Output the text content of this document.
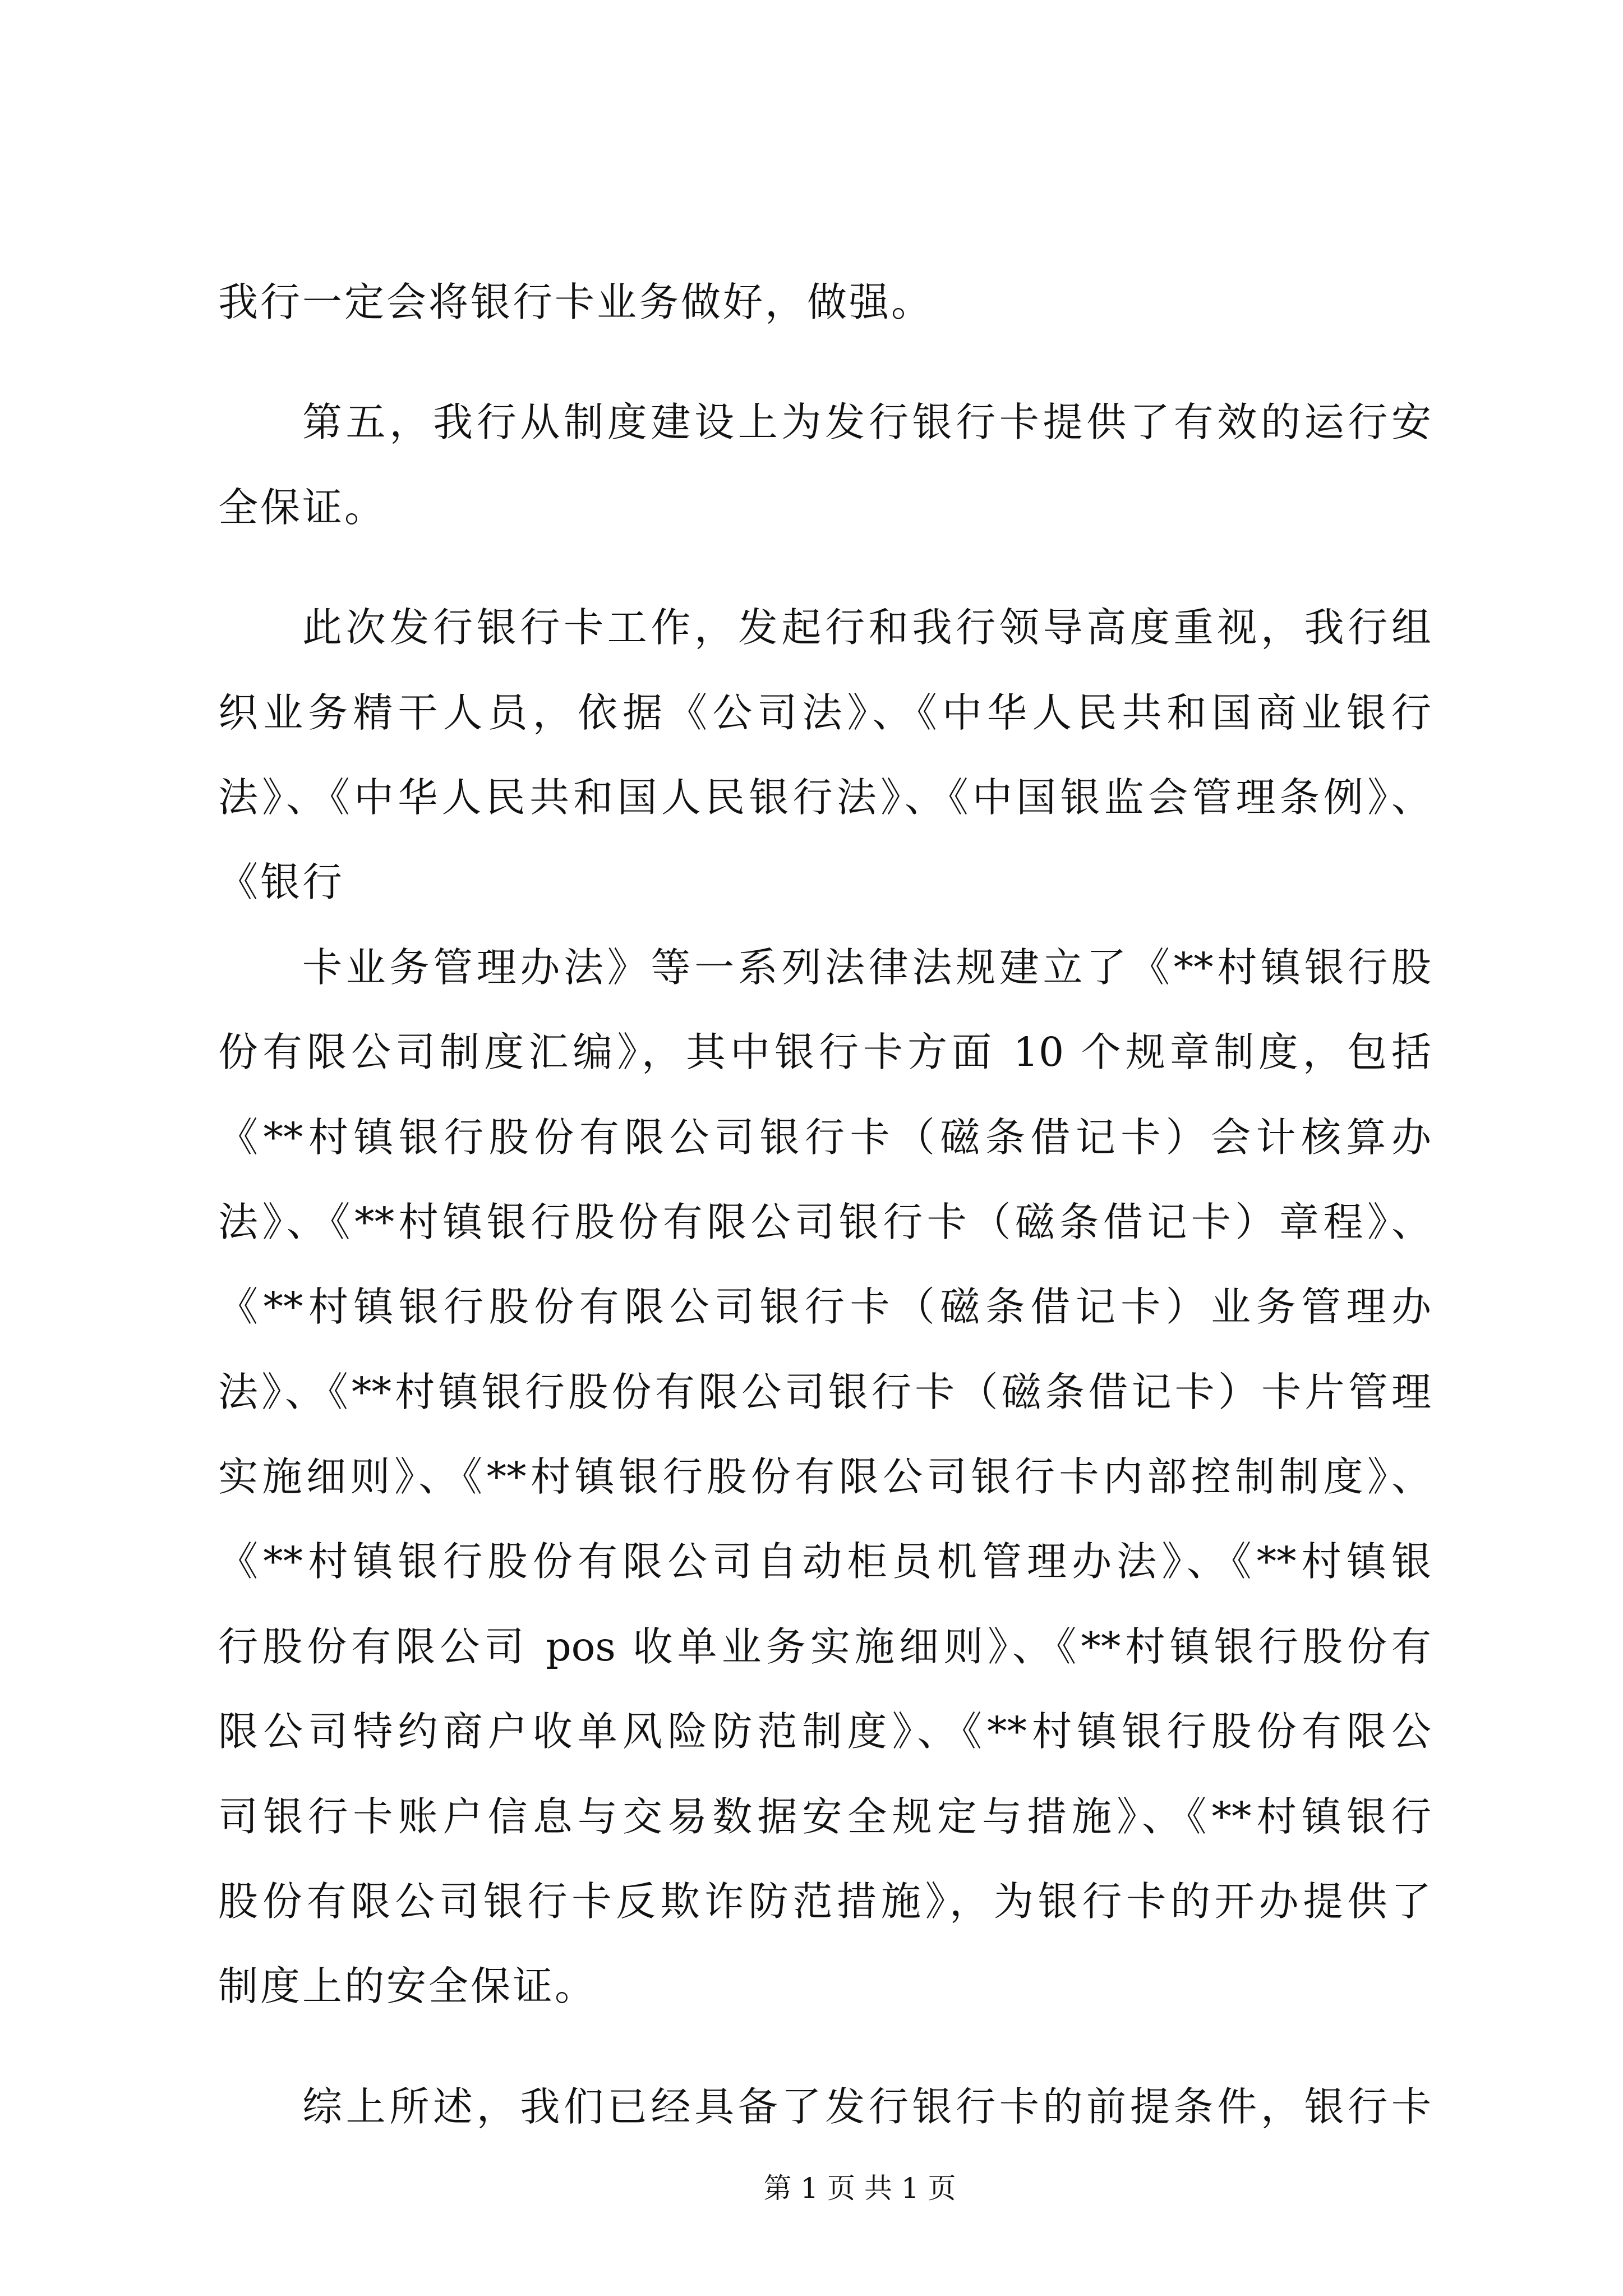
我行一定会将银行卡业务做好，做强。
第五，我行从制度建设上为发行银行卡提供了有效的运行安
全保证。
此次发行银行卡工作，发起行和我行领导高度重视，我行组
织业务精干人员，依据《公司法》、《中华人民共和国商业银行
法》、《中华人民共和国人民银行法》、《中国银监会管理条例》、
《银行
卡业务管理办法》等一系列法律法规建立了《**村镇银行股
份有限公司制度汇编》，其中银行卡方面 10 个规章制度，包括
《**村镇银行股份有限公司银行卡（磁条借记卡）会计核算办
法》、《**村镇银行股份有限公司银行卡（磁条借记卡）章程》、
《**村镇银行股份有限公司银行卡（磁条借记卡）业务管理办
法》、《**村镇银行股份有限公司银行卡（磁条借记卡）卡片管理
实施细则》、《**村镇银行股份有限公司银行卡内部控制制度》、
《**村镇银行股份有限公司自动柜员机管理办法》、《**村镇银
行股份有限公司 pos 收单业务实施细则》、《**村镇银行股份有
限公司特约商户收单风险防范制度》、《**村镇银行股份有限公
司银行卡账户信息与交易数据安全规定与措施》、《**村镇银行
股份有限公司银行卡反欺诈防范措施》，为银行卡的开办提供了
制度上的安全保证。
综上所述，我们已经具备了发行银行卡的前提条件，银行卡
第 1 页 共 1 页
